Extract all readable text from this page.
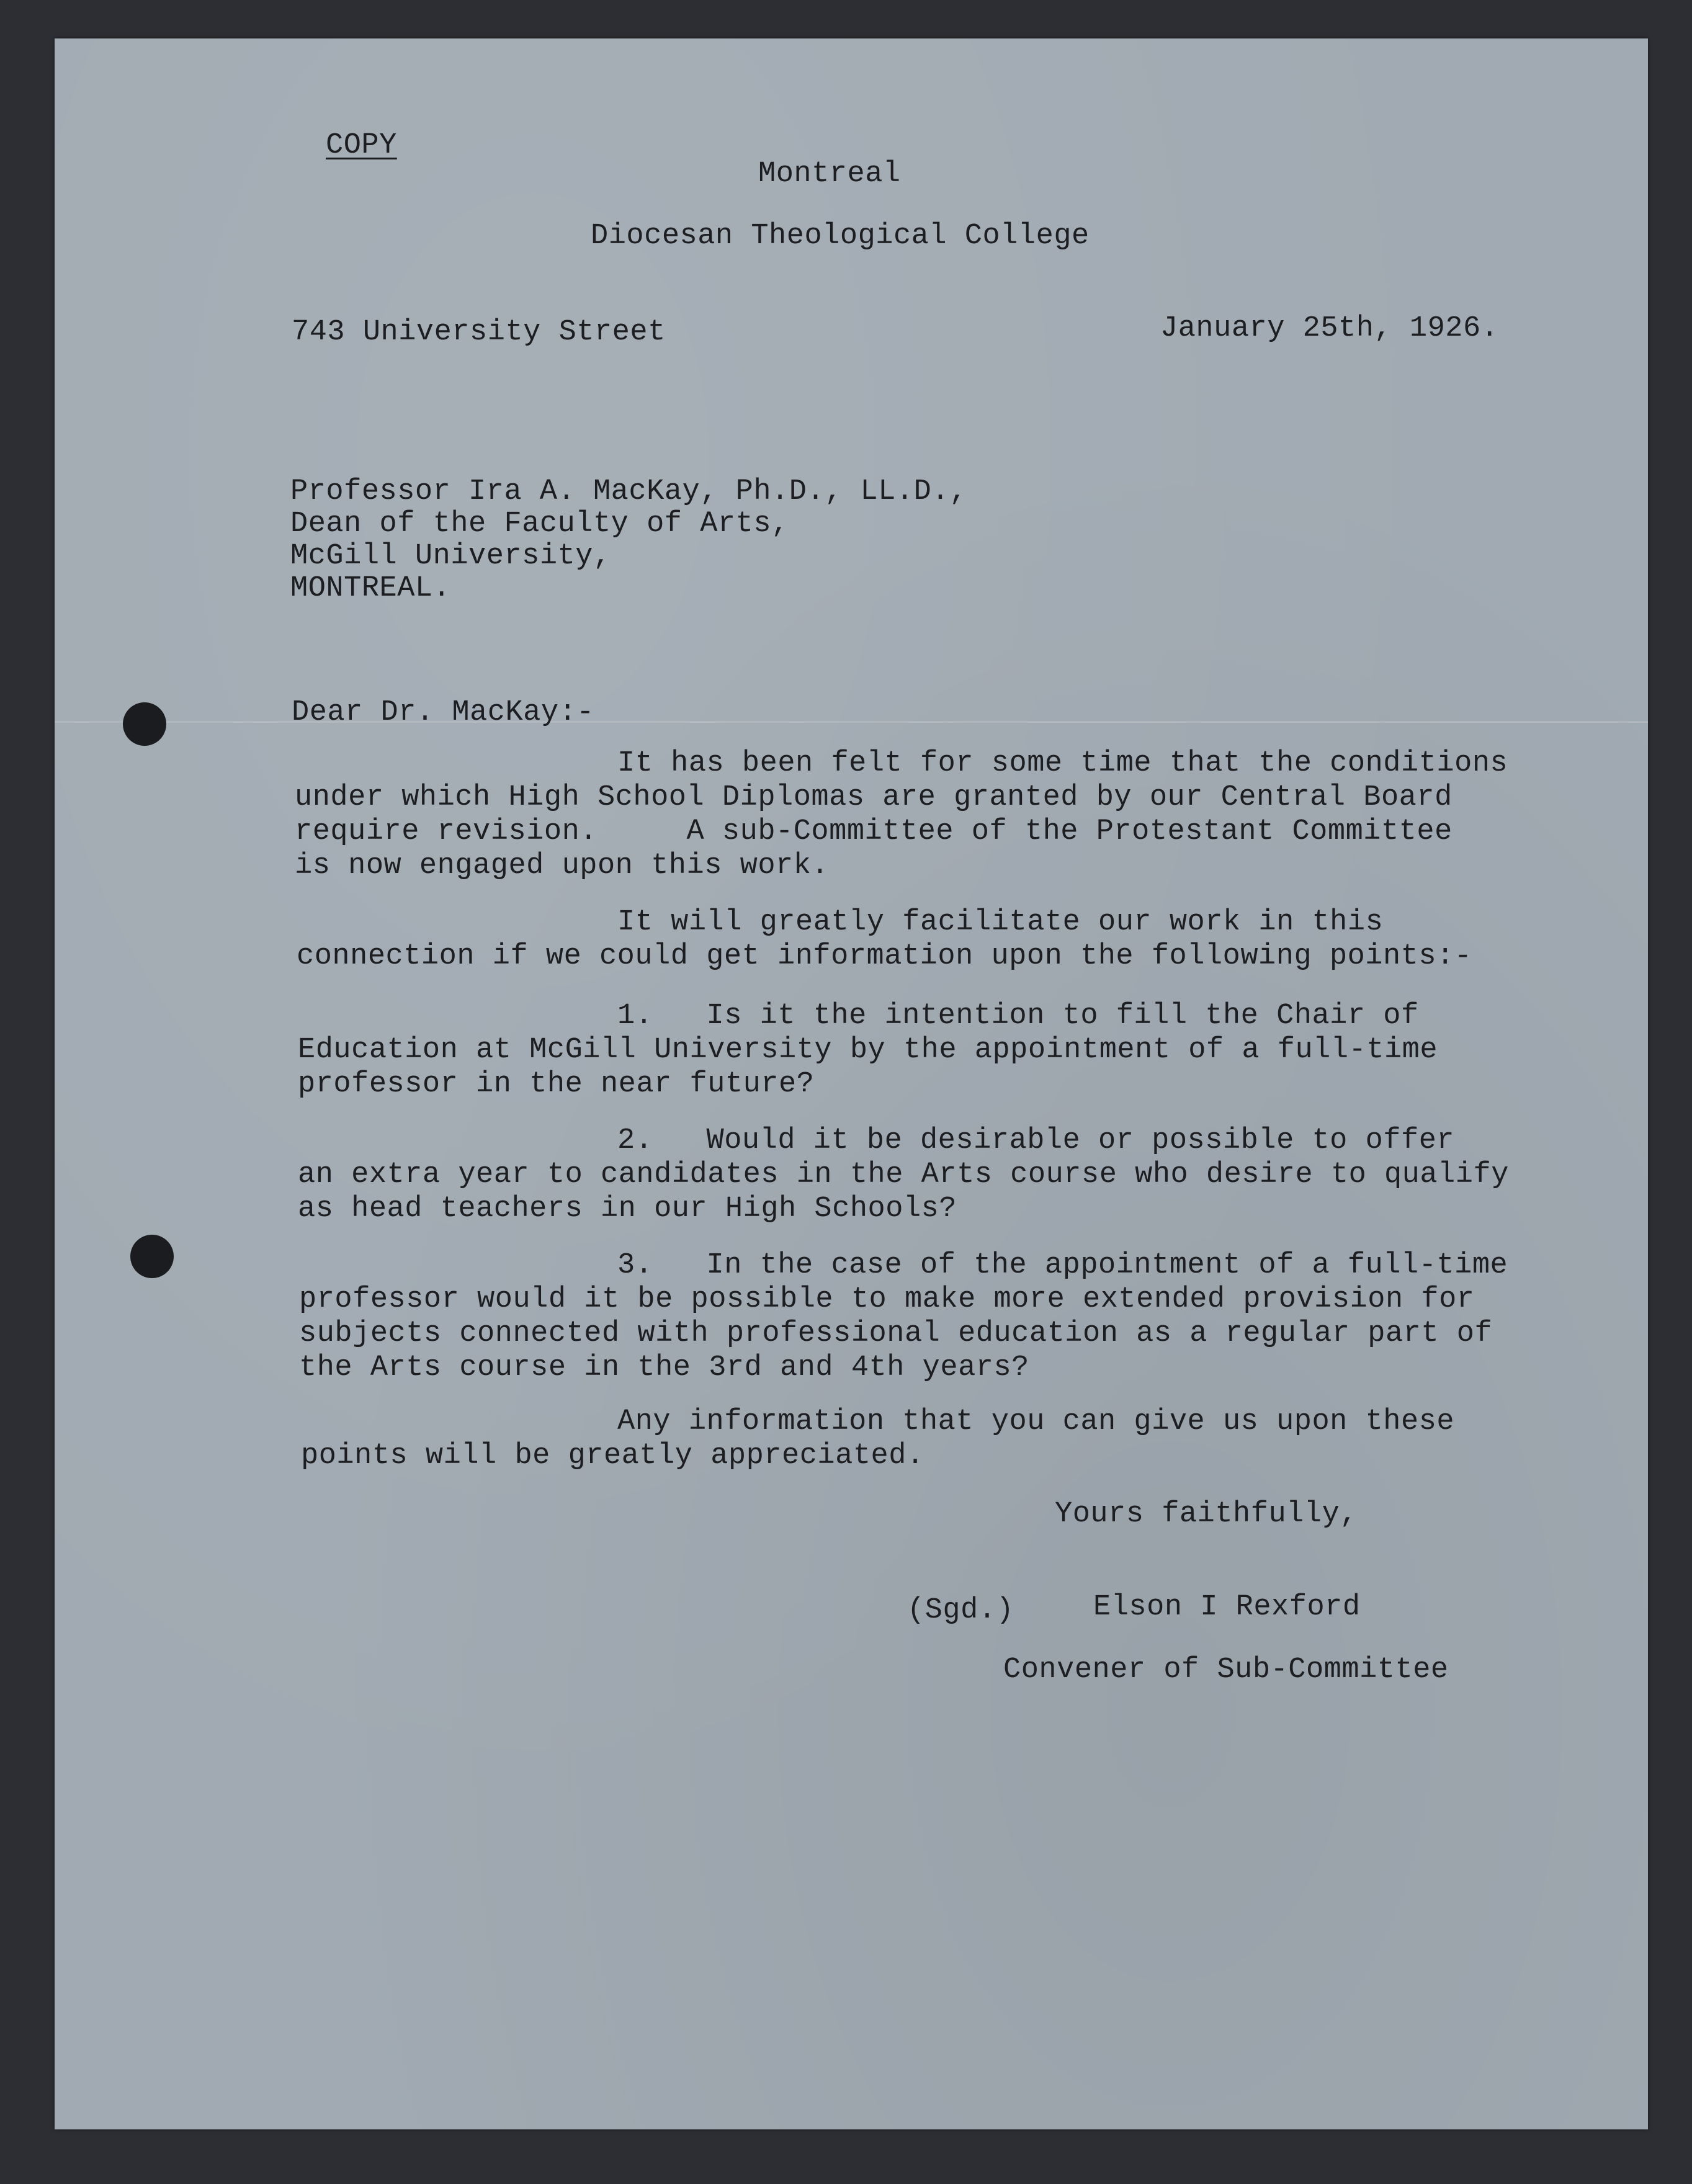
COPY
Montreal
Diocesan Theological College
743 University Street	January 25th, 1926.
Professor Ira A. MacKay, Ph.D., LL.D.,
Dean of the Faculty of Arts,
McGill University,
MONTREAL.
Dear Dr. MacKay:-
It has been felt for some time that the conditions
under which High School Diplomas are granted by our Central Board
require revision.     A sub-Committee of the Protestant Committee
is now engaged upon this work.
It will greatly facilitate our work in this
connection if we could get information upon the following points:-
1.   Is it the intention to fill the Chair of
Education at McGill University by the appointment of a full-time
professor in the near future?
2.   Would it be desirable or possible to offer
an extra year to candidates in the Arts course who desire to qualify
as head teachers in our High Schools?
3.   In the case of the appointment of a full-time
professor would it be possible to make more extended provision for
subjects connected with professional education as a regular part of
the Arts course in the 3rd and 4th years?
Any information that you can give us upon these
points will be greatly appreciated.
Yours faithfully,
(Sgd.)	Elson I Rexford
Convener of Sub-Committee
